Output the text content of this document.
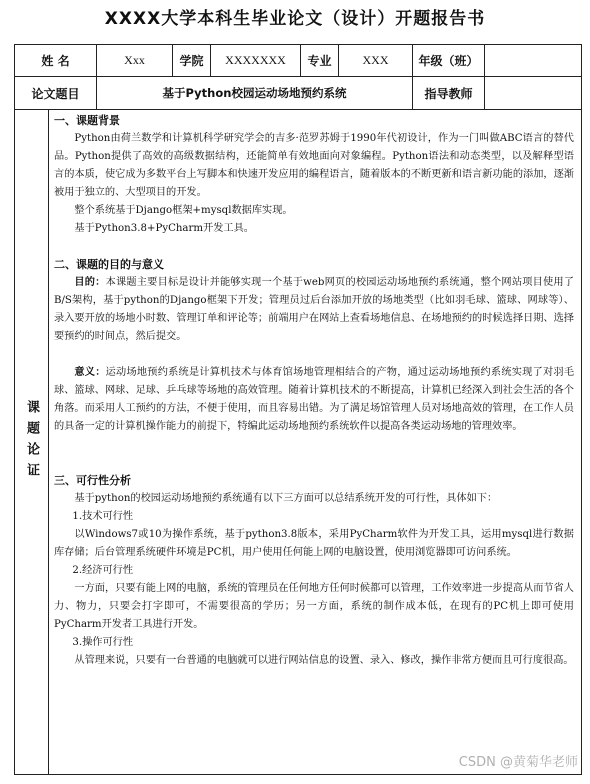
XXXX大学本科生毕业论文（设计）开题报告书
姓 名	Xxx	学院	XXXXXXX	专业	XXX	年级（班）
论文题目	基于Python校园运动场地预约系统	指导教师
课题论证

一、课题背景

Python由荷兰数学和计算机科学研究学会的吉多·范罗苏姆于1990年代初设计，作为一门叫做ABC语言的替代品。Python提供了高效的高级数据结构，还能简单有效地面向对象编程。Python语法和动态类型，以及解释型语言的本质，使它成为多数平台上写脚本和快速开发应用的编程语言，随着版本的不断更新和语言新功能的添加，逐渐被用于独立的、大型项目的开发。

整个系统基于Django框架+mysql数据库实现。

基于Python3.8+PyCharm开发工具。

二、课题的目的与意义

目的：本课题主要目标是设计并能够实现一个基于web网页的校园运动场地预约系统通，整个网站项目使用了B/S架构，基于python的Django框架下开发；管理员过后台添加开放的场地类型（比如羽毛球、篮球、网球等）、录入要开放的场地小时数、管理订单和评论等；前端用户在网站上查看场地信息、在场地预约的时候选择日期、选择要预约的时间点，然后提交。

意义：运动场地预约系统是计算机技术与体育馆场地管理相结合的产物，通过运动场地预约系统实现了对羽毛球、篮球、网球、足球、乒乓球等场地的高效管理。随着计算机技术的不断提高，计算机已经深入到社会生活的各个角落。而采用人工预约的方法，不便于使用，而且容易出错。为了满足场馆管理人员对场地高效的管理，在工作人员的具备一定的计算机操作能力的前提下，特编此运动场地预约系统软件以提高各类运动场地的管理效率。

三、可行性分析

基于python的校园运动场地预约系统通有以下三方面可以总结系统开发的可行性，具体如下：

1.技术可行性

以Windows7或10为操作系统，基于python3.8版本，采用PyCharm软件为开发工具，运用mysql进行数据库存储；后台管理系统硬件环境是PC机，用户使用任何能上网的电脑设置，使用浏览器即可访问系统。

2.经济可行性

一方面，只要有能上网的电脑，系统的管理员在任何地方任何时候都可以管理，工作效率进一步提高从而节省人力、物力，只要会打字即可，不需要很高的学历；另一方面，系统的制作成本低，在现有的PC机上即可使用PyCharm开发者工具进行开发。

3.操作可行性

从管理来说，只要有一台普通的电脑就可以进行网站信息的设置、录入、修改，操作非常方便而且可行度很高。

CSDN @黄菊华老师
